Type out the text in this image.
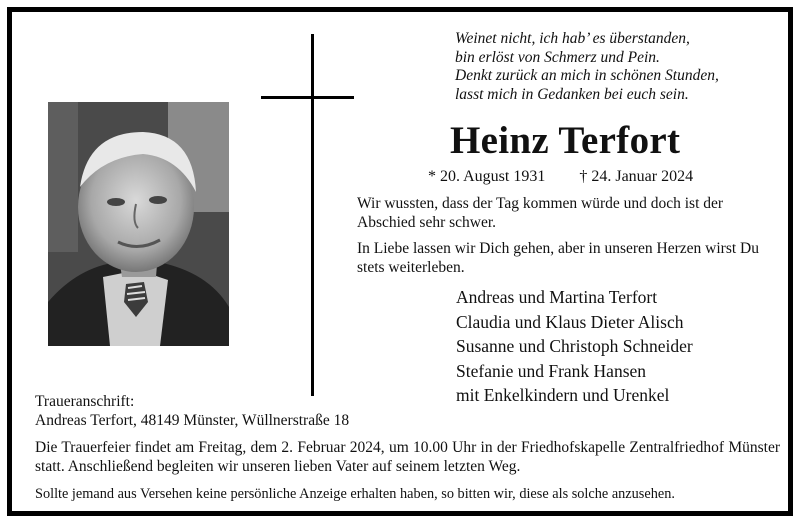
Weinet nicht, ich hab’ es überstanden,
bin erlöst von Schmerz und Pein.
Denkt zurück an mich in schönen Stunden,
lasst mich in Gedanken bei euch sein.
Heinz Terfort
* 20. August 1931 † 24. Januar 2024
Wir wussten, dass der Tag kommen würde und doch ist der Abschied sehr schwer.
In Liebe lassen wir Dich gehen, aber in unseren Herzen wirst Du stets weiterleben.
Andreas und Martina Terfort
Claudia und Klaus Dieter Alisch
Susanne und Christoph Schneider
Stefanie und Frank Hansen
mit Enkelkindern und Urenkel
Traueranschrift:
Andreas Terfort, 48149 Münster, Wüllnerstraße 18
Die Trauerfeier findet am Freitag, dem 2. Februar 2024, um 10.00 Uhr in der Friedhofskapelle Zentralfriedhof Münster statt. Anschließend begleiten wir unseren lieben Vater auf seinem letzten Weg.
Sollte jemand aus Versehen keine persönliche Anzeige erhalten haben, so bitten wir, diese als solche anzusehen.
